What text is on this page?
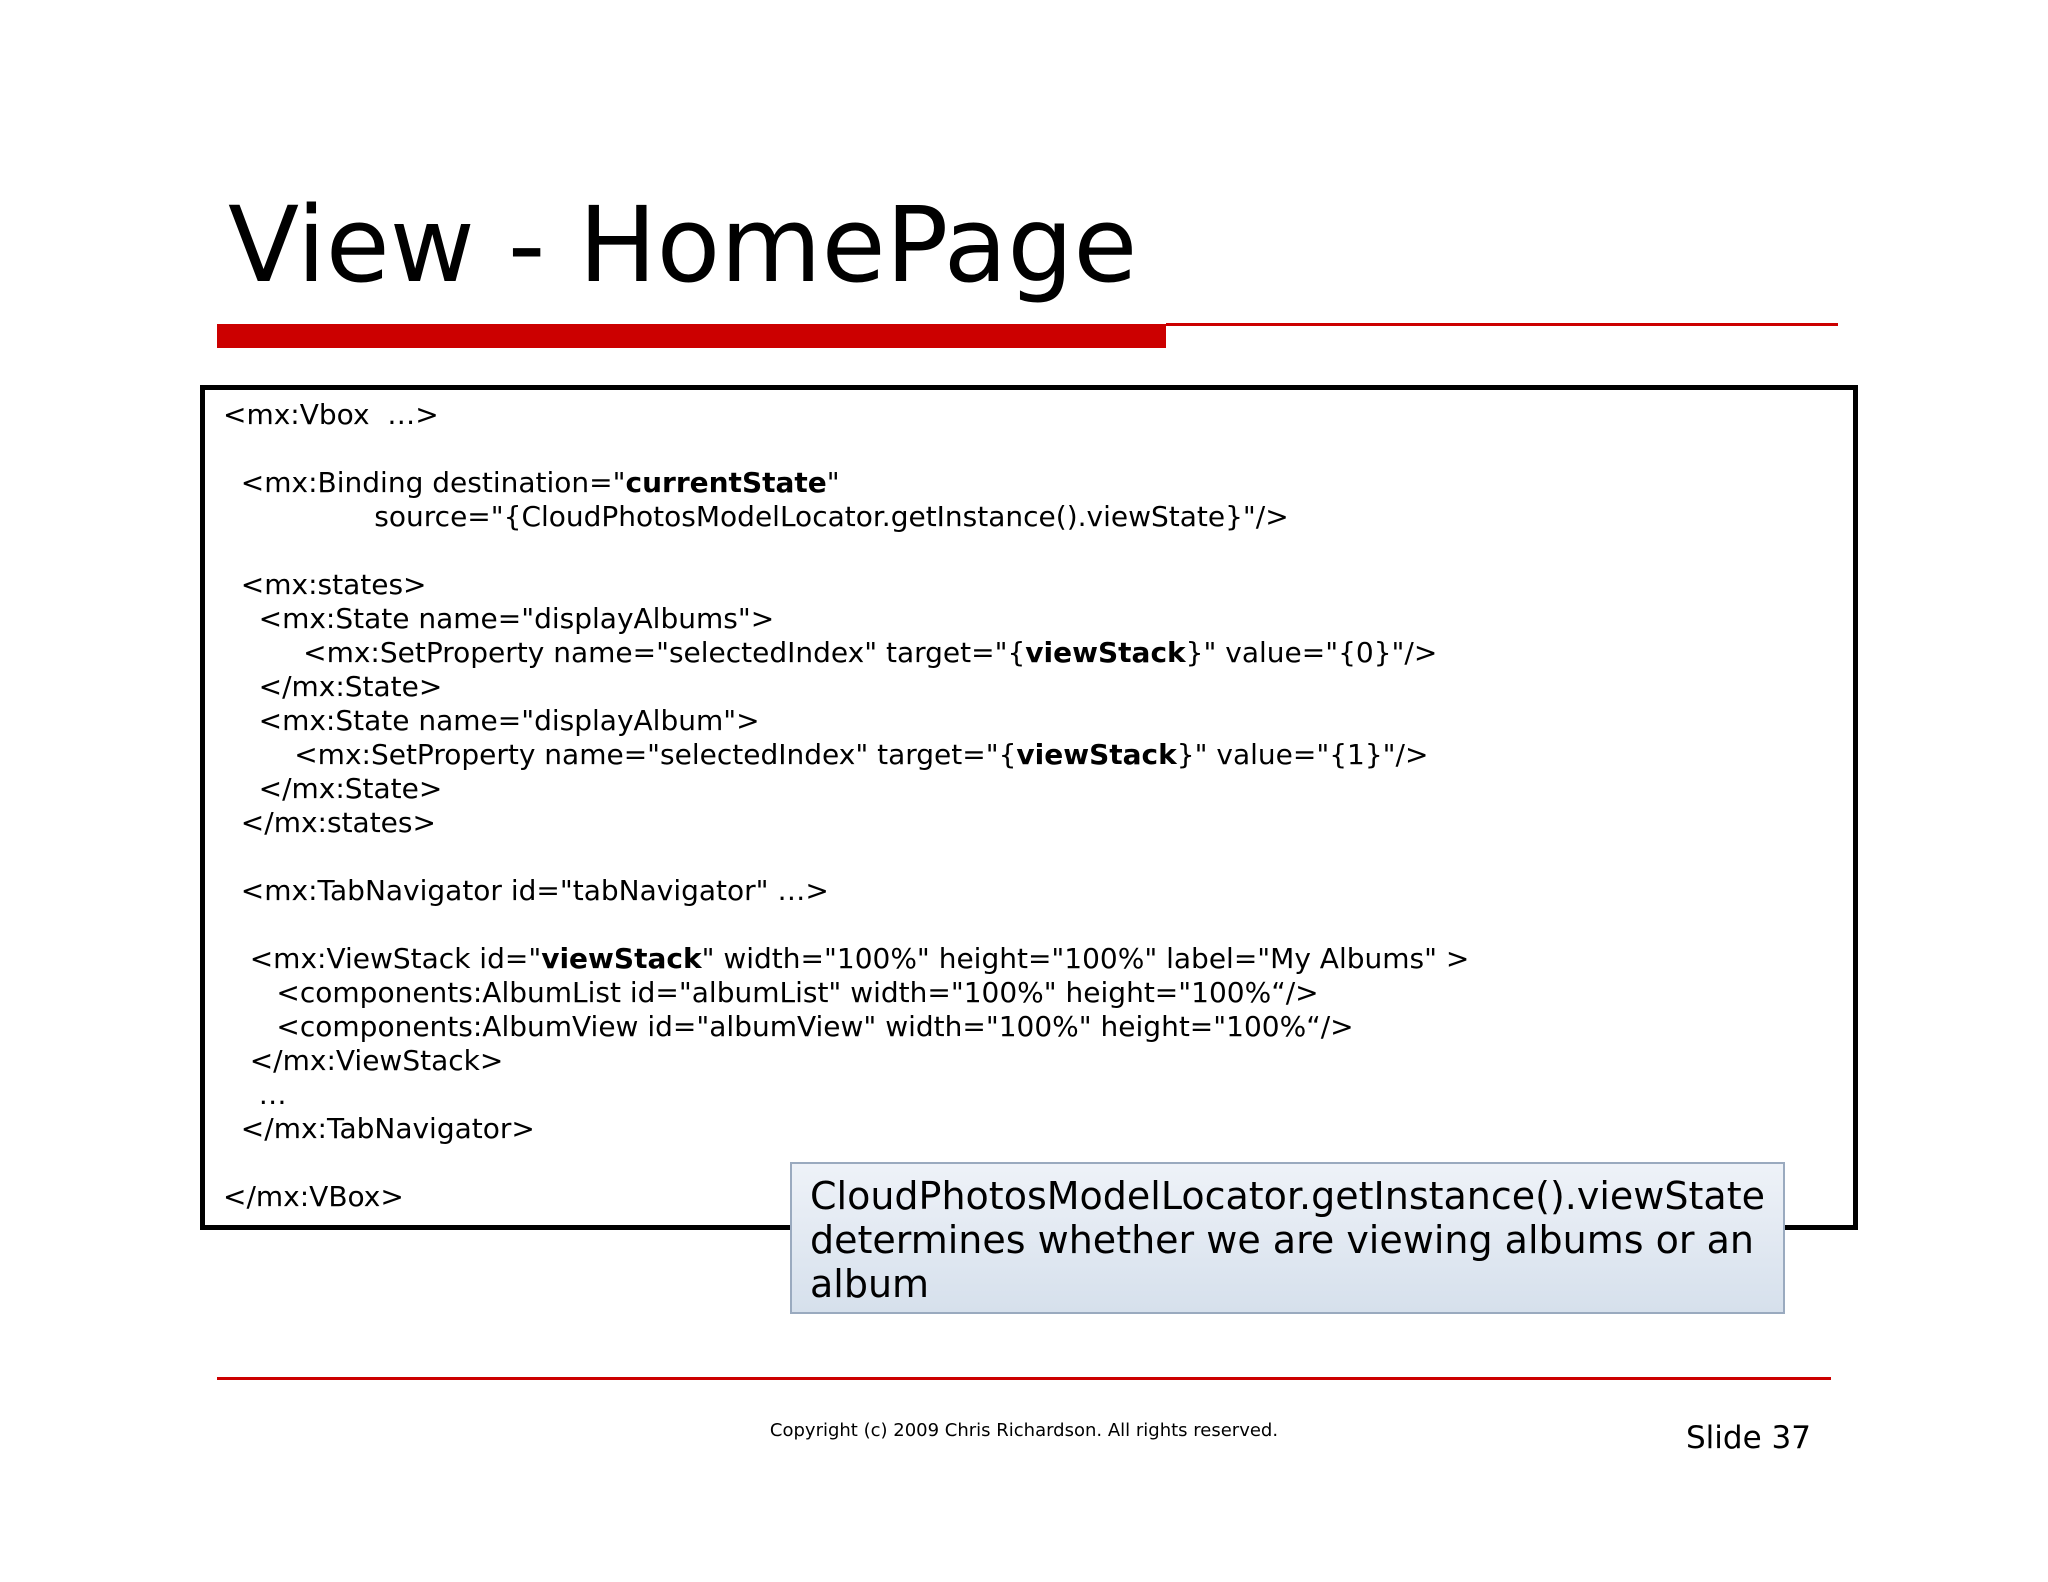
View - HomePage
<mx:Vbox  …>
<mx:Binding destination="currentState"
source="{CloudPhotosModelLocator.getInstance().viewState}"/>
<mx:states>
<mx:State name="displayAlbums">
<mx:SetProperty name="selectedIndex" target="{viewStack}" value="{0}"/>
</mx:State>
<mx:State name="displayAlbum">
<mx:SetProperty name="selectedIndex" target="{viewStack}" value="{1}"/>
</mx:State>
</mx:states>
<mx:TabNavigator id="tabNavigator" …>
<mx:ViewStack id="viewStack" width="100%" height="100%" label="My Albums" >
<components:AlbumList id="albumList" width="100%" height="100%“/>
<components:AlbumView id="albumView" width="100%" height="100%“/>
</mx:ViewStack>
…
</mx:TabNavigator>
</mx:VBox>	CloudPhotosModelLocator.getInstance().viewState determines whether we are viewing albums or an album
Copyright (c) 2009 Chris Richardson. All rights reserved.	Slide 37
